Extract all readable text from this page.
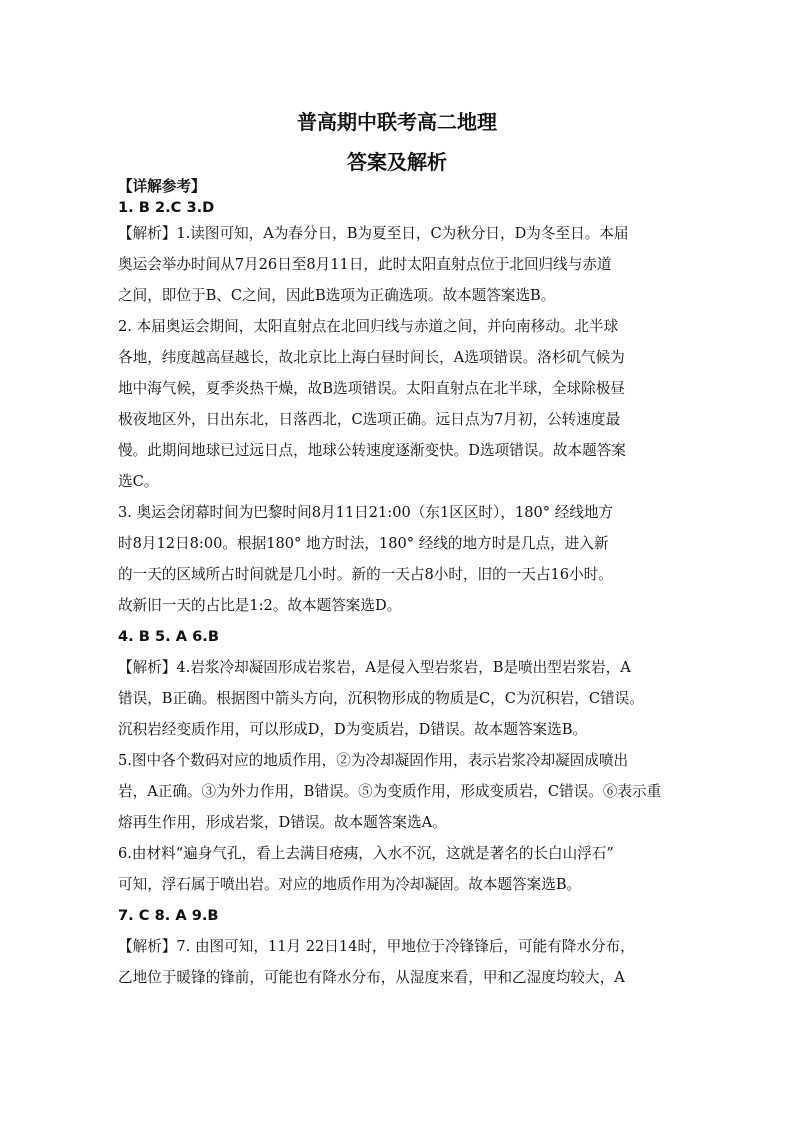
普高期中联考高二地理
答案及解析
【详解参考】
1. B 2.C 3.D
【解析】1.读图可知，A为春分日，B为夏至日，C为秋分日，D为冬至日。本届
奥运会举办时间从7月26日至8月11日，此时太阳直射点位于北回归线与赤道
之间，即位于B、C之间，因此B选项为正确选项。故本题答案选B。
2. 本届奥运会期间，太阳直射点在北回归线与赤道之间，并向南移动。北半球
各地，纬度越高昼越长，故北京比上海白昼时间长，A选项错误。洛杉矶气候为
地中海气候，夏季炎热干燥，故B选项错误。太阳直射点在北半球，全球除极昼
极夜地区外，日出东北，日落西北，C选项正确。远日点为7月初，公转速度最
慢。此期间地球已过远日点，地球公转速度逐渐变快。D选项错误。故本题答案
选C。
3. 奥运会闭幕时间为巴黎时间8月11日21:00（东1区区时），180° 经线地方
时8月12日8:00。根据180° 地方时法，180° 经线的地方时是几点，进入新
的一天的区域所占时间就是几小时。新的一天占8小时，旧的一天占16小时。
故新旧一天的占比是1:2。故本题答案选D。
4. B 5. A 6.B
【解析】4.岩浆冷却凝固形成岩浆岩，A是侵入型岩浆岩，B是喷出型岩浆岩，A
错误，B正确。根据图中箭头方向，沉积物形成的物质是C，C为沉积岩，C错误。
沉积岩经变质作用，可以形成D，D为变质岩，D错误。故本题答案选B。
5.图中各个数码对应的地质作用，②为冷却凝固作用，表示岩浆冷却凝固成喷出
岩，A正确。③为外力作用，B错误。⑤为变质作用，形成变质岩，C错误。⑥表示重
熔再生作用，形成岩浆，D错误。故本题答案选A。
6.由材料“遍身气孔，看上去满目疮痍，入水不沉，这就是著名的长白山浮石”
可知，浮石属于喷出岩。对应的地质作用为冷却凝固。故本题答案选B。
7. C 8. A 9.B
【解析】7. 由图可知，11月 22日14时，甲地位于冷锋锋后，可能有降水分布，
乙地位于暖锋的锋前，可能也有降水分布，从湿度来看，甲和乙湿度均较大，A
